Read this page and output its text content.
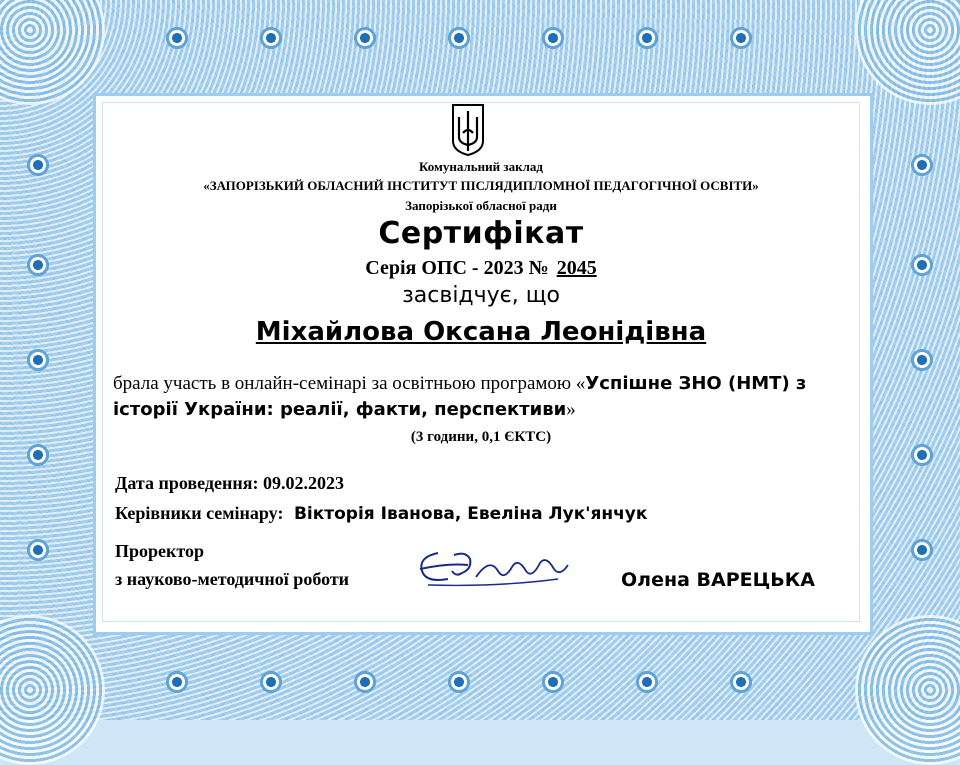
Комунальний заклад
«ЗАПОРІЗЬКИЙ ОБЛАСНИЙ ІНСТИТУТ ПІСЛЯДИПЛОМНОЇ ПЕДАГОГІЧНОЇ ОСВІТИ»
Запорізької обласної ради
Сертифікат
Серія ОПС - 2023 № 2045
засвідчує, що
Міхайлова Оксана Леонідівна
брала участь в онлайн-семінарі за освітньою програмою «Успішне ЗНО (НМТ) з історії України: реалії, факти, перспективи»
(3 години, 0,1 ЄКТС)
Дата проведення: 09.02.2023
Керівники семінару: Вікторія Іванова, Евеліна Лук'янчук
Проректор
з науково-методичної роботи	Олена ВАРЕЦЬКА
